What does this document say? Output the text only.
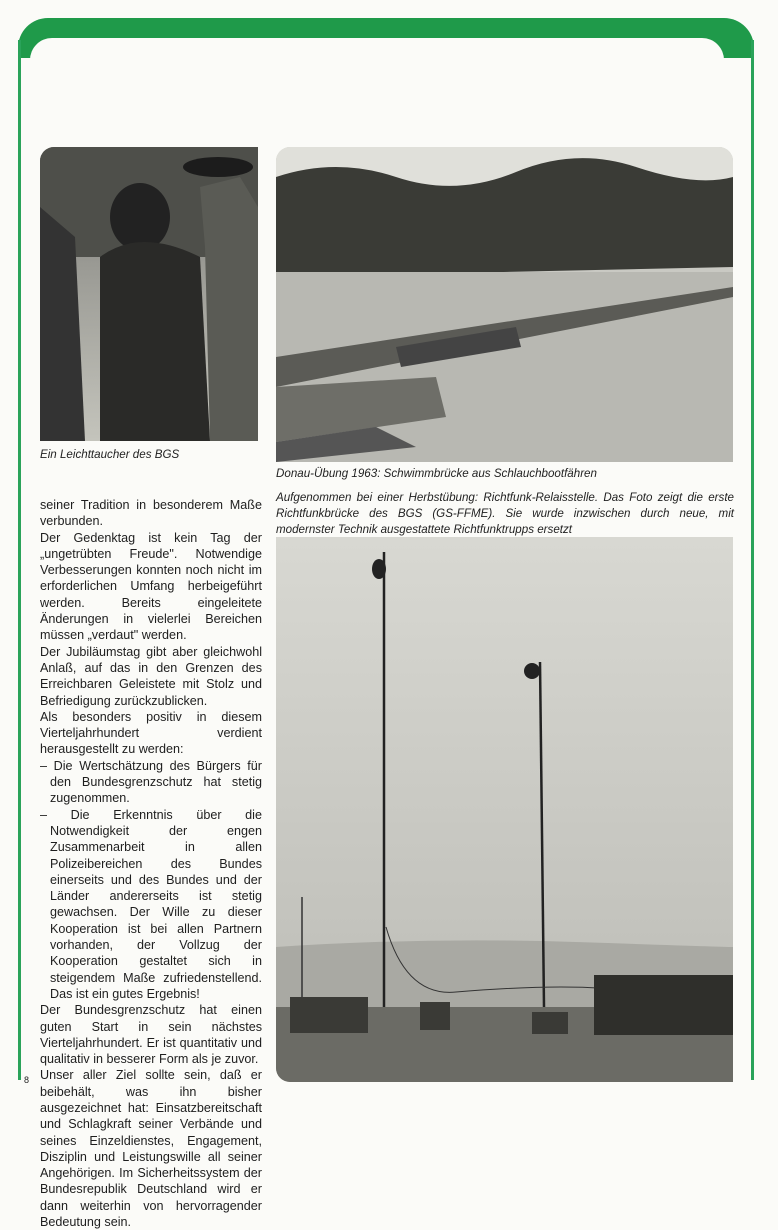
Ein Leichttaucher des BGS
Donau-Übung 1963: Schwimmbrücke aus Schlauchbootfähren
Aufgenommen bei einer Herbstübung: Richtfunk-Relaisstelle. Das Foto zeigt die erste Richtfunkbrücke des BGS (GS-FFME). Sie wurde inzwischen durch neue, mit modernster Technik ausgestattete Richtfunktrupps ersetzt

seiner Tradition in besonderem Maße verbunden.

Der Gedenktag ist kein Tag der „ungetrübten Freude". Notwendige Verbesserungen konnten noch nicht im erforderlichen Umfang herbeigeführt werden. Bereits eingeleitete Änderungen in vielerlei Bereichen müssen „verdaut" werden.

Der Jubiläumstag gibt aber gleichwohl Anlaß, auf das in den Grenzen des Erreichbaren Geleistete mit Stolz und Befriedigung zurückzublicken.

Als besonders positiv in diesem Vierteljahrhundert verdient herausgestellt zu werden:

– Die Wertschätzung des Bürgers für den Bundesgrenzschutz hat stetig zugenommen.

– Die Erkenntnis über die Notwendigkeit der engen Zusammenarbeit in allen Polizeibereichen des Bundes einerseits und des Bundes und der Länder andererseits ist stetig gewachsen. Der Wille zu dieser Kooperation ist bei allen Partnern vorhanden, der Vollzug der Kooperation gestaltet sich in steigendem Maße zufriedenstellend. Das ist ein gutes Ergebnis!

Der Bundesgrenzschutz hat einen guten Start in sein nächstes Vierteljahrhundert. Er ist quantitativ und qualitativ in besserer Form als je zuvor.

Unser aller Ziel sollte sein, daß er beibehält, was ihn bisher ausgezeichnet hat: Einsatzbereitschaft und Schlagkraft seiner Verbände und seines Einzeldienstes, Engagement, Disziplin und Leistungswille all seiner Angehörigen. Im Sicherheitssystem der Bundesrepublik Deutschland wird er dann weiterhin von hervorragender Bedeutung sein.

8
